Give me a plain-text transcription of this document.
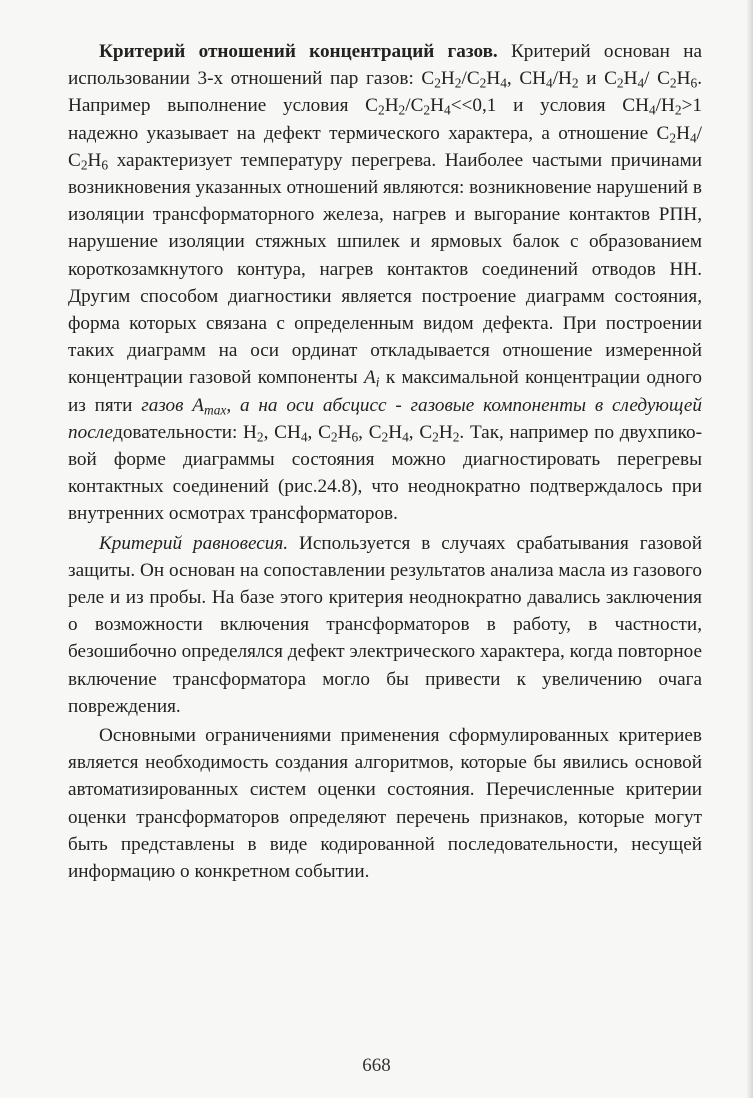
Критерий отношений концентраций газов. Критерий основан на использовании 3-х отношений пар газов: $C_2H_2/C_2H_4$, $CH_4/H_2$ и $C_2H_4/$ $C_2H_6$. Например выполнение условия $C_2H_2/C_2H_4<<0,1$ и условия $CH_4/H_2>1$ надежно указывает на дефект термического характера, а отношение $C_2H_4/$ $C_2H_6$ характеризует температуру перегрева. Наиболее частыми причинами возникновения указанных отношений являются: возникновение нарушений в изоляции трансформаторного железа, нагрев и выгорание контактов РПН, нарушение изоляции стяжных шпилек и ярмовых балок с образованием короткозамкнутого контура, нагрев контактов соединений отводов НН. Другим способом диагностики является построение диаграмм состояния, форма которых связана с определенным видом дефекта. При построении таких диаграмм на оси ординат откладывается отношение измеренной концентрации газовой компоненты $A_i$ к максимальной концентрации одного из пяти газов $A_{max}$, а на оси абсцисс - газовые компоненты в следующей последовательности: $H_2$, $CH_4$, $C_2H_6$, $C_2H_4$, $C_2H_2$. Так, например по двухпиковой форме диаграммы состояния можно диагностировать перегревы контактных соединений (рис.24.8), что неоднократно подтверждалось при внутренних осмотрах трансформаторов.

Критерий равновесия. Используется в случаях срабатывания газовой защиты. Он основан на сопоставлении результатов анализа масла из газового реле и из пробы. На базе этого критерия неоднократно давались заключения о возможности включения трансформаторов в работу, в частности, безошибочно определялся дефект электрического характера, когда повторное включение трансформатора могло бы привести к увеличению очага повреждения.

Основными ограничениями применения сформулированных критериев является необходимость создания алгоритмов, которые бы явились основой автоматизированных систем оценки состояния. Перечисленные критерии оценки трансформаторов определяют перечень признаков, которые могут быть представлены в виде кодированной последовательности, несущей информацию о конкретном событии.

668
